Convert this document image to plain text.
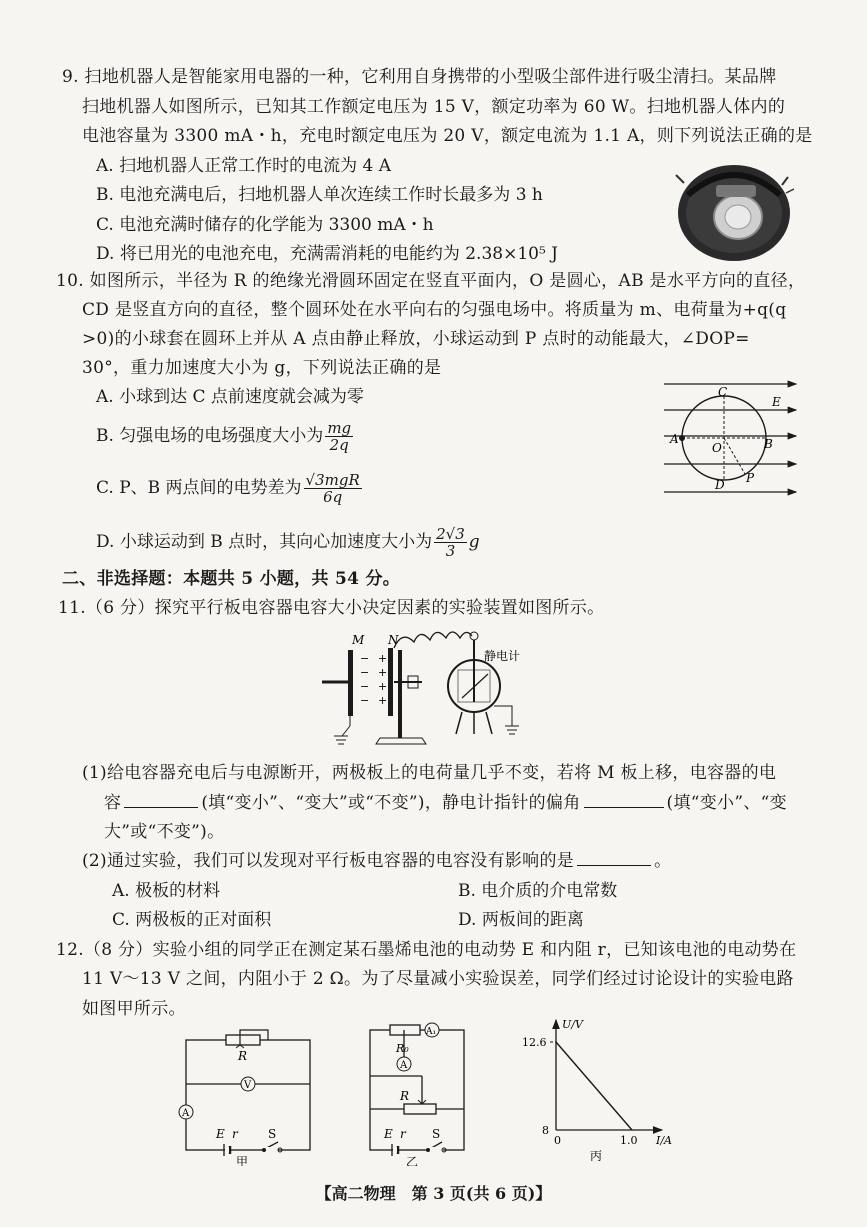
9. 扫地机器人是智能家用电器的一种，它利用自身携带的小型吸尘部件进行吸尘清扫。某品牌
扫地机器人如图所示，已知其工作额定电压为 15 V，额定功率为 60 W。扫地机器人体内的
电池容量为 3300 mA・h，充电时额定电压为 20 V，额定电流为 1.1 A，则下列说法正确的是
A. 扫地机器人正常工作时的电流为 4 A
B. 电池充满电后，扫地机器人单次连续工作时长最多为 3 h
C. 电池充满时储存的化学能为 3300 mA・h
D. 将已用光的电池充电，充满需消耗的电能约为 2.38×10⁵ J
10. 如图所示，半径为 R 的绝缘光滑圆环固定在竖直平面内，O 是圆心，AB 是水平方向的直径，
CD 是竖直方向的直径，整个圆环处在水平向右的匀强电场中。将质量为 m、电荷量为+q(q
>0)的小球套在圆环上并从 A 点由静止释放，小球运动到 P 点时的动能最大，∠DOP=
30°，重力加速度大小为 g，下列说法正确的是
A. 小球到达 C 点前速度就会减为零
B. 匀强电场的电场强度大小为 $\frac{mg}{2q}$
C. P、B 两点间的电势差为 $\frac{\text{√3mgR}}{6q}$
D. 小球运动到 B 点时，其向心加速度大小为 $\frac{2√3}{3}$ g
C
E
A
O	B
D P
二、非选择题：本题共 5 小题，共 54 分。
11.（6 分）探究平行板电容器电容大小决定因素的实验装置如图所示。
M N
静电计
−
−
−
−
+
+
+
+
(1)给电容器充电后与电源断开，两极板上的电荷量几乎不变，若将 M 板上移，电容器的电
容	(填“变小”、“变大”或“不变”)，静电计指针的偏角	(填“变小”、“变
大”或“不变”)。
(2)通过实验，我们可以发现对平行板电容器的电容没有影响的是	。
A. 极板的材料	B. 电介质的介电常数
C. 两极板的正对面积	D. 两板间的距离
12.（8 分）实验小组的同学正在测定某石墨烯电池的电动势 E 和内阻 r，已知该电池的电动势在
11 V～13 V 之间，内阻小于 2 Ω。为了尽量减小实验误差，同学们经过讨论设计的实验电路
如图甲所示。
R
V
A
E r	S
甲
A₁
R₀
A
R
E r S
乙
U/V
I/A
12.6
8
0	1.0
丙
【高二物理　第 3 页(共 6 页)】
